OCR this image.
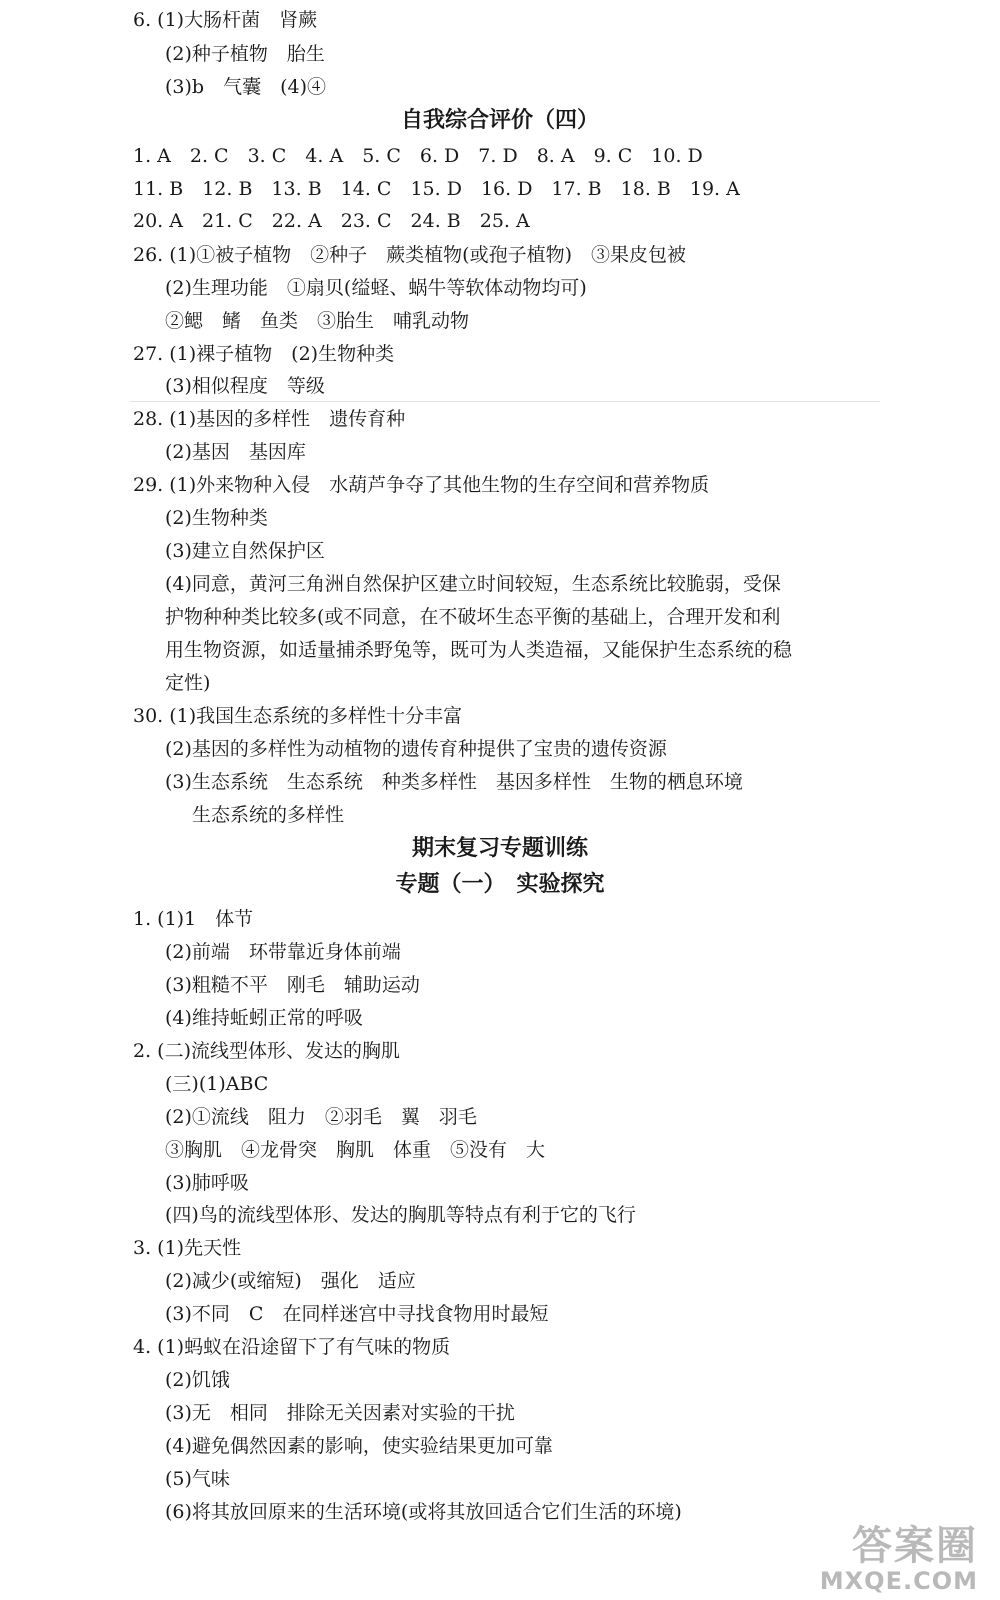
6. (1)大肠杆菌　肾蕨
(2)种子植物　胎生
(3)b　气囊　(4)④
自我综合评价（四）
1. A　2. C　3. C　4. A　5. C　6. D　7. D　8. A　9. C　10. D
11. B　12. B　13. B　14. C　15. D　16. D　17. B　18. B　19. A
20. A　21. C　22. A　23. C　24. B　25. A
26. (1)①被子植物　②种子　蕨类植物(或孢子植物)　③果皮包被
(2)生理功能　①扇贝(缢蛏、蜗牛等软体动物均可)
②鳃　鳍　鱼类　③胎生　哺乳动物
27. (1)裸子植物　(2)生物种类
(3)相似程度　等级
28. (1)基因的多样性　遗传育种
(2)基因　基因库
29. (1)外来物种入侵　水葫芦争夺了其他生物的生存空间和营养物质
(2)生物种类
(3)建立自然保护区
(4)同意，黄河三角洲自然保护区建立时间较短，生态系统比较脆弱，受保
护物种种类比较多(或不同意，在不破坏生态平衡的基础上，合理开发和利
用生物资源，如适量捕杀野兔等，既可为人类造福，又能保护生态系统的稳
定性)
30. (1)我国生态系统的多样性十分丰富
(2)基因的多样性为动植物的遗传育种提供了宝贵的遗传资源
(3)生态系统　生态系统　种类多样性　基因多样性　生物的栖息环境
生态系统的多样性
期末复习专题训练
专题（一）　实验探究
1. (1)1　体节
(2)前端　环带靠近身体前端
(3)粗糙不平　刚毛　辅助运动
(4)维持蚯蚓正常的呼吸
2. (二)流线型体形、发达的胸肌
(三)(1)ABC
(2)①流线　阻力　②羽毛　翼　羽毛
③胸肌　④龙骨突　胸肌　体重　⑤没有　大
(3)肺呼吸
(四)鸟的流线型体形、发达的胸肌等特点有利于它的飞行
3. (1)先天性
(2)减少(或缩短)　强化　适应
(3)不同　C　在同样迷宫中寻找食物用时最短
4. (1)蚂蚁在沿途留下了有气味的物质
(2)饥饿
(3)无　相同　排除无关因素对实验的干扰
(4)避免偶然因素的影响，使实验结果更加可靠
(5)气味
(6)将其放回原来的生活环境(或将其放回适合它们生活的环境)
答案圈
MXQE.COM
